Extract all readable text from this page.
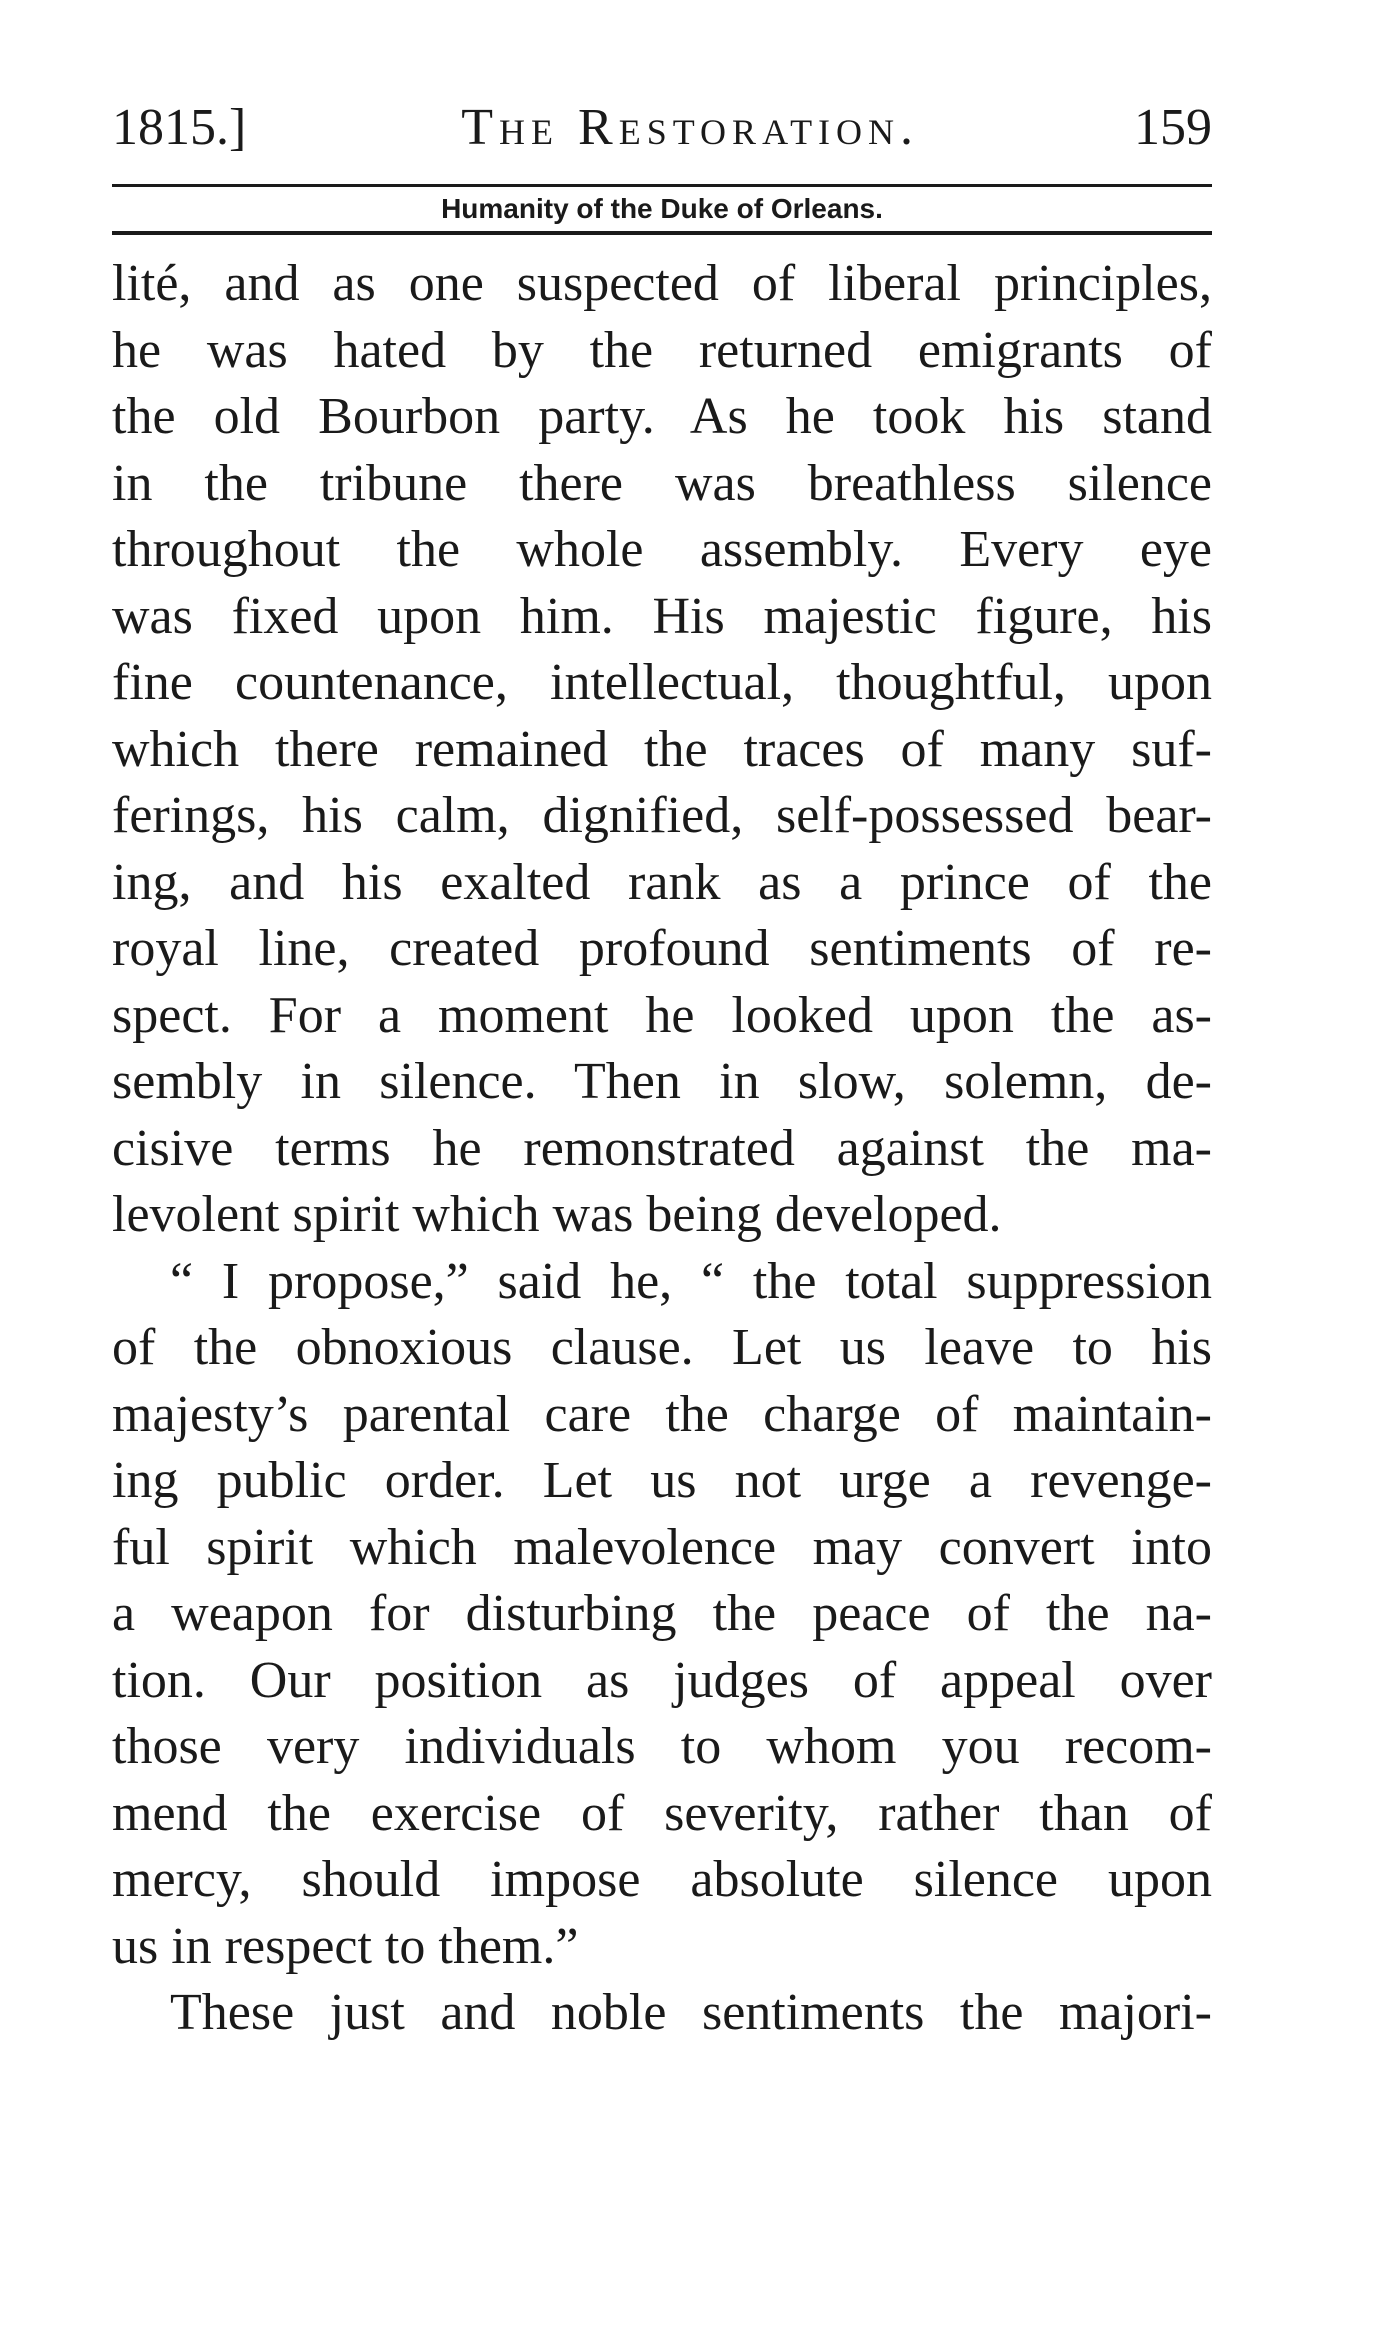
1815.]	The Restoration.	159
Humanity of the Duke of Orleans.
lité, and as one suspected of liberal principles,
he was hated by the returned emigrants of
the old Bourbon party. As he took his stand
in the tribune there was breathless silence
throughout the whole assembly. Every eye
was fixed upon him. His majestic figure, his
fine countenance, intellectual, thoughtful, upon
which there remained the traces of many suf-
ferings, his calm, dignified, self-possessed bear-
ing, and his exalted rank as a prince of the
royal line, created profound sentiments of re-
spect. For a moment he looked upon the as-
sembly in silence. Then in slow, solemn, de-
cisive terms he remonstrated against the ma-
levolent spirit which was being developed.
“ I propose,” said he, “ the total suppression
of the obnoxious clause. Let us leave to his
majesty’s parental care the charge of maintain-
ing public order. Let us not urge a revenge-
ful spirit which malevolence may convert into
a weapon for disturbing the peace of the na-
tion. Our position as judges of appeal over
those very individuals to whom you recom-
mend the exercise of severity, rather than of
mercy, should impose absolute silence upon
us in respect to them.”
These just and noble sentiments the majori-
